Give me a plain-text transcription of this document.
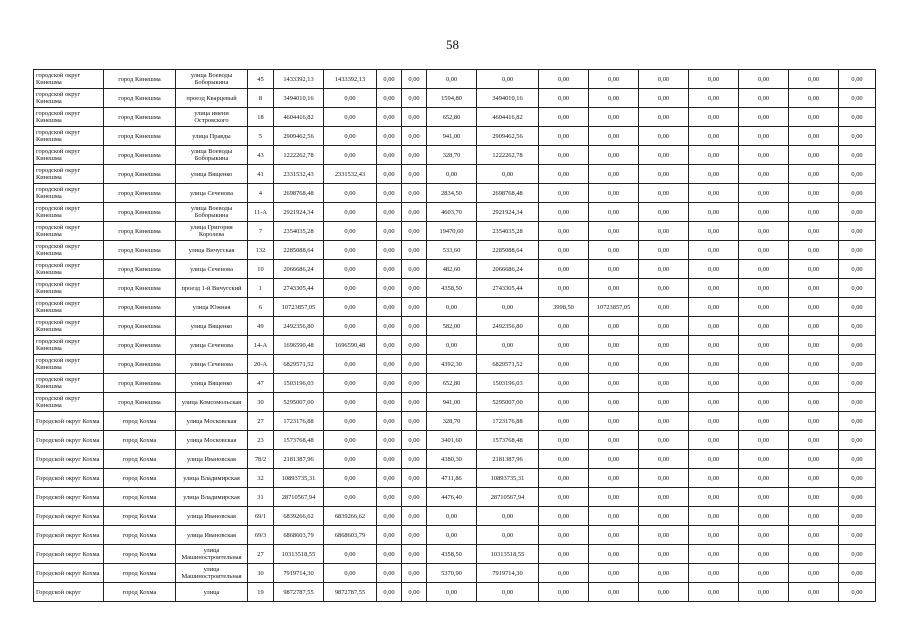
58
городской округ Кинешма	город Кинешма	улица Воеводы Боборыкина	45	1433392,13	1433392,13	0,00	0,00	0,00	0,00	0,00	0,00	0,00	0,00	0,00	0,00	0,00
городской округ Кинешма	город Кинешма	проезд Кварцевый	8	3494010,16	0,00	0,00	0,00	1594,80	3494010,16	0,00	0,00	0,00	0,00	0,00	0,00	0,00
городской округ Кинешма	город Кинешма	улица имени Островского	18	4604416,82	0,00	0,00	0,00	652,80	4604416,82	0,00	0,00	0,00	0,00	0,00	0,00	0,00
городской округ Кинешма	город Кинешма	улица Правды	5	2909462,56	0,00	0,00	0,00	941,00	2909462,56	0,00	0,00	0,00	0,00	0,00	0,00	0,00
городской округ Кинешма	город Кинешма	улица Воеводы Боборыкина	43	1222262,78	0,00	0,00	0,00	328,70	1222262,78	0,00	0,00	0,00	0,00	0,00	0,00	0,00
городской округ Кинешма	город Кинешма	улица Вященко	41	2331532,43	2331532,43	0,00	0,00	0,00	0,00	0,00	0,00	0,00	0,00	0,00	0,00	0,00
городской округ Кинешма	город Кинешма	улица Сеченова	4	2698768,48	0,00	0,00	0,00	2834,50	2698768,48	0,00	0,00	0,00	0,00	0,00	0,00	0,00
городской округ Кинешма	город Кинешма	улица Воеводы Боборыкина	11-А	2921924,34	0,00	0,00	0,00	4603,70	2921924,34	0,00	0,00	0,00	0,00	0,00	0,00	0,00
городской округ Кинешма	город Кинешма	улица Григория Королева	7	2354035,28	0,00	0,00	0,00	19470,60	2354035,28	0,00	0,00	0,00	0,00	0,00	0,00	0,00
городской округ Кинешма	город Кинешма	улица Вичугская	132	2285088,64	0,00	0,00	0,00	533,60	2285088,64	0,00	0,00	0,00	0,00	0,00	0,00	0,00
городской округ Кинешма	город Кинешма	улица Сеченова	10	2066686,24	0,00	0,00	0,00	482,60	2066686,24	0,00	0,00	0,00	0,00	0,00	0,00	0,00
городской округ Кинешма	город Кинешма	проезд 1-й Вичугский	1	2743305,44	0,00	0,00	0,00	4358,50	2743305,44	0,00	0,00	0,00	0,00	0,00	0,00	0,00
городской округ Кинешма	город Кинешма	улица Южная	6	10723857,05	0,00	0,00	0,00	0,00	0,00	3998,50	10723857,05	0,00	0,00	0,00	0,00	0,00
городской округ Кинешма	город Кинешма	улица Вященко	49	2492356,80	0,00	0,00	0,00	582,00	2492356,80	0,00	0,00	0,00	0,00	0,00	0,00	0,00
городской округ Кинешма	город Кинешма	улица Сеченова	14-А	1696590,48	1696590,48	0,00	0,00	0,00	0,00	0,00	0,00	0,00	0,00	0,00	0,00	0,00
городской округ Кинешма	город Кинешма	улица Сеченова	20-А	6829571,52	0,00	0,00	0,00	4392,30	6829571,52	0,00	0,00	0,00	0,00	0,00	0,00	0,00
городской округ Кинешма	город Кинешма	улица Вященко	47	1503196,03	0,00	0,00	0,00	652,80	1503196,03	0,00	0,00	0,00	0,00	0,00	0,00	0,00
городской округ Кинешма	город Кинешма	улица Комсомольская	30	5295007,00	0,00	0,00	0,00	941,00	5295007,00	0,00	0,00	0,00	0,00	0,00	0,00	0,00
Городской округ Кохма	город Кохма	улица Московская	27	1723176,88	0,00	0,00	0,00	328,70	1723176,88	0,00	0,00	0,00	0,00	0,00	0,00	0,00
Городской округ Кохма	город Кохма	улица Московская	23	1573768,48	0,00	0,00	0,00	3401,60	1573768,48	0,00	0,00	0,00	0,00	0,00	0,00	0,00
Городской округ Кохма	город Кохма	улица Ивановская	78/2	2181387,96	0,00	0,00	0,00	4380,30	2181387,96	0,00	0,00	0,00	0,00	0,00	0,00	0,00
Городской округ Кохма	город Кохма	улица Владимирская	32	10893735,31	0,00	0,00	0,00	4711,86	10893735,31	0,00	0,00	0,00	0,00	0,00	0,00	0,00
Городской округ Кохма	город Кохма	улица Владимирская	31	28710567,94	0,00	0,00	0,00	4476,40	28710567,94	0,00	0,00	0,00	0,00	0,00	0,00	0,00
Городской округ Кохма	город Кохма	улица Ивановская	69/1	6839266,62	6839266,62	0,00	0,00	0,00	0,00	0,00	0,00	0,00	0,00	0,00	0,00	0,00
Городской округ Кохма	город Кохма	улица Ивановская	69/3	6868603,79	6868603,79	0,00	0,00	0,00	0,00	0,00	0,00	0,00	0,00	0,00	0,00	0,00
Городской округ Кохма	город Кохма	улица Машиностроительная	27	10313518,55	0,00	0,00	0,00	4358,50	10313518,55	0,00	0,00	0,00	0,00	0,00	0,00	0,00
Городской округ Кохма	город Кохма	улица Машиностроительная	30	7919714,30	0,00	0,00	0,00	5370,90	7919714,30	0,00	0,00	0,00	0,00	0,00	0,00	0,00
Городской округ	город Кохма	улица	19	9872787,55	9872787,55	0,00	0,00	0,00	0,00	0,00	0,00	0,00	0,00	0,00	0,00	0,00
